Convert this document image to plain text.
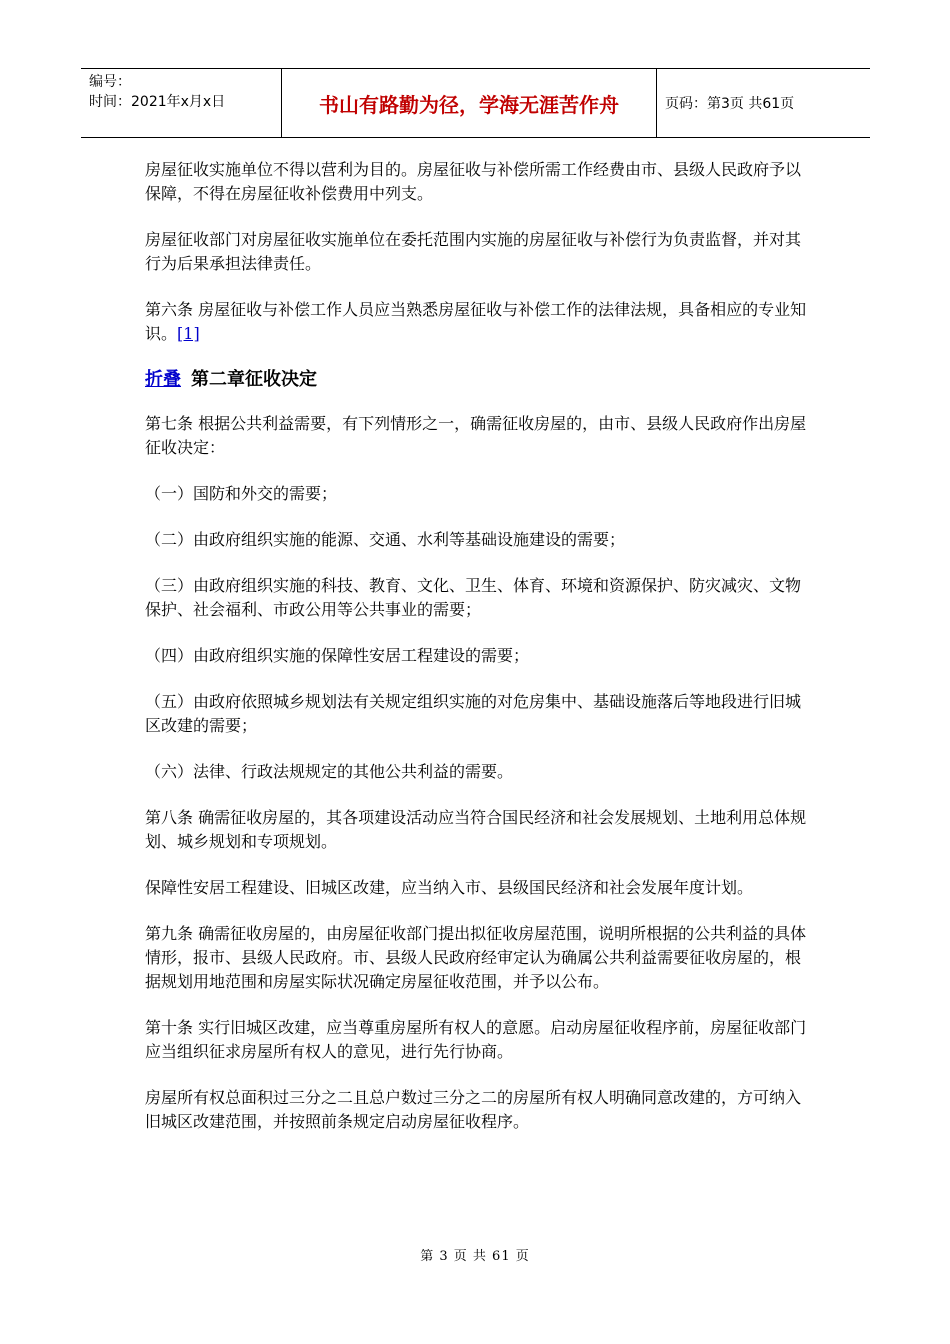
编号：
时间：2021年x月x日	书山有路勤为径，学海无涯苦作舟	页码：第3页 共61页

房屋征收实施单位不得以营利为目的。房屋征收与补偿所需工作经费由市、县级人民政府予以保障，不得在房屋征收补偿费用中列支。

房屋征收部门对房屋征收实施单位在委托范围内实施的房屋征收与补偿行为负责监督，并对其行为后果承担法律责任。

第六条 房屋征收与补偿工作人员应当熟悉房屋征收与补偿工作的法律法规，具备相应的专业知识。[1]

折叠 第二章征收决定

第七条 根据公共利益需要，有下列情形之一，确需征收房屋的，由市、县级人民政府作出房屋征收决定：

（一）国防和外交的需要；

（二）由政府组织实施的能源、交通、水利等基础设施建设的需要；

（三）由政府组织实施的科技、教育、文化、卫生、体育、环境和资源保护、防灾减灾、文物保护、社会福利、市政公用等公共事业的需要；

（四）由政府组织实施的保障性安居工程建设的需要；

（五）由政府依照城乡规划法有关规定组织实施的对危房集中、基础设施落后等地段进行旧城区改建的需要；

（六）法律、行政法规规定的其他公共利益的需要。

第八条 确需征收房屋的，其各项建设活动应当符合国民经济和社会发展规划、土地利用总体规划、城乡规划和专项规划。

保障性安居工程建设、旧城区改建，应当纳入市、县级国民经济和社会发展年度计划。

第九条 确需征收房屋的，由房屋征收部门提出拟征收房屋范围，说明所根据的公共利益的具体情形，报市、县级人民政府。市、县级人民政府经审定认为确属公共利益需要征收房屋的，根据规划用地范围和房屋实际状况确定房屋征收范围，并予以公布。

第十条 实行旧城区改建，应当尊重房屋所有权人的意愿。启动房屋征收程序前，房屋征收部门应当组织征求房屋所有权人的意见，进行先行协商。

房屋所有权总面积过三分之二且总户数过三分之二的房屋所有权人明确同意改建的，方可纳入旧城区改建范围，并按照前条规定启动房屋征收程序。

第 3 页 共 61 页
